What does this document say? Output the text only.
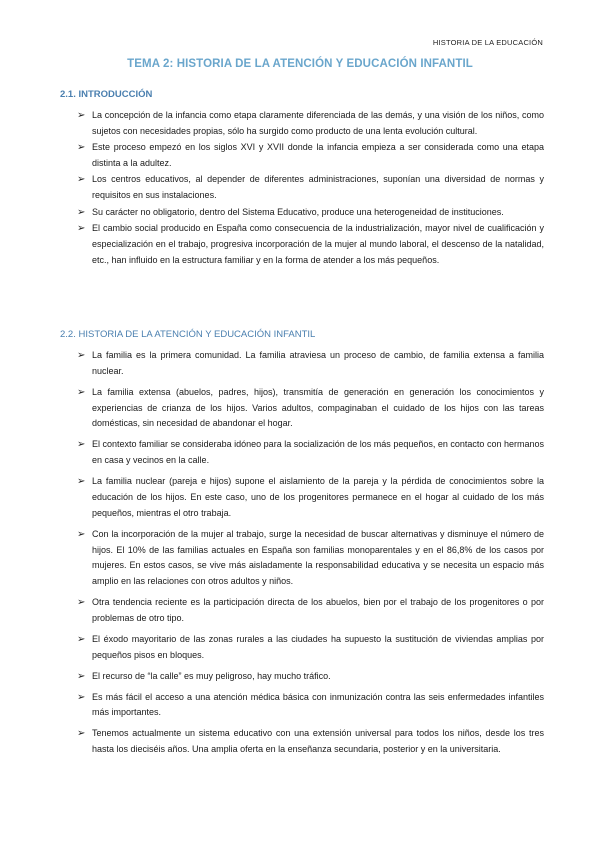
HISTORIA DE LA EDUCACIÓN
TEMA 2: HISTORIA DE LA ATENCIÓN Y EDUCACIÓN INFANTIL
2.1. INTRODUCCIÓN
➢ La concepción de la infancia como etapa claramente diferenciada de las demás, y una visión de los niños, como sujetos con necesidades propias, sólo ha surgido como producto de una lenta evolución cultural.
➢ Este proceso empezó en los siglos XVI y XVII donde la infancia empieza a ser considerada como una etapa distinta a la adultez.
➢ Los centros educativos, al depender de diferentes administraciones, suponían una diversidad de normas y requisitos en sus instalaciones.
➢ Su carácter no obligatorio, dentro del Sistema Educativo, produce una heterogeneidad de instituciones.
➢ El cambio social producido en España como consecuencia de la industrialización, mayor nivel de cualificación y especialización en el trabajo, progresiva incorporación de la mujer al mundo laboral, el descenso de la natalidad, etc., han influido en la estructura familiar y en la forma de atender a los más pequeños.
2.2. HISTORIA DE LA ATENCIÓN Y EDUCACIÓN INFANTIL
➢ La familia es la primera comunidad. La familia atraviesa un proceso de cambio, de familia extensa a familia nuclear.
➢ La familia extensa (abuelos, padres, hijos), transmitía de generación en generación los conocimientos y experiencias de crianza de los hijos. Varios adultos, compaginaban el cuidado de los hijos con las tareas domésticas, sin necesidad de abandonar el hogar.
➢ El contexto familiar se consideraba idóneo para la socialización de los más pequeños, en contacto con hermanos en casa y vecinos en la calle.
➢ La familia nuclear (pareja e hijos) supone el aislamiento de la pareja y la pérdida de conocimientos sobre la educación de los hijos. En este caso, uno de los progenitores permanece en el hogar al cuidado de los más pequeños, mientras el otro trabaja.
➢ Con la incorporación de la mujer al trabajo, surge la necesidad de buscar alternativas y disminuye el número de hijos. El 10% de las familias actuales en España son familias monoparentales y en el 86,8% de los casos por mujeres. En estos casos, se vive más aisladamente la responsabilidad educativa y se necesita un espacio más amplio en las relaciones con otros adultos y niños.
➢ Otra tendencia reciente es la participación directa de los abuelos, bien por el trabajo de los progenitores o por problemas de otro tipo.
➢ El éxodo mayoritario de las zonas rurales a las ciudades ha supuesto la sustitución de viviendas amplias por pequeños pisos en bloques.
➢ El recurso de “la calle” es muy peligroso, hay mucho tráfico.
➢ Es más fácil el acceso a una atención médica básica con inmunización contra las seis enfermedades infantiles más importantes.
➢ Tenemos actualmente un sistema educativo con una extensión universal para todos los niños, desde los tres hasta los dieciséis años. Una amplia oferta en la enseñanza secundaria, posterior y en la universitaria.
